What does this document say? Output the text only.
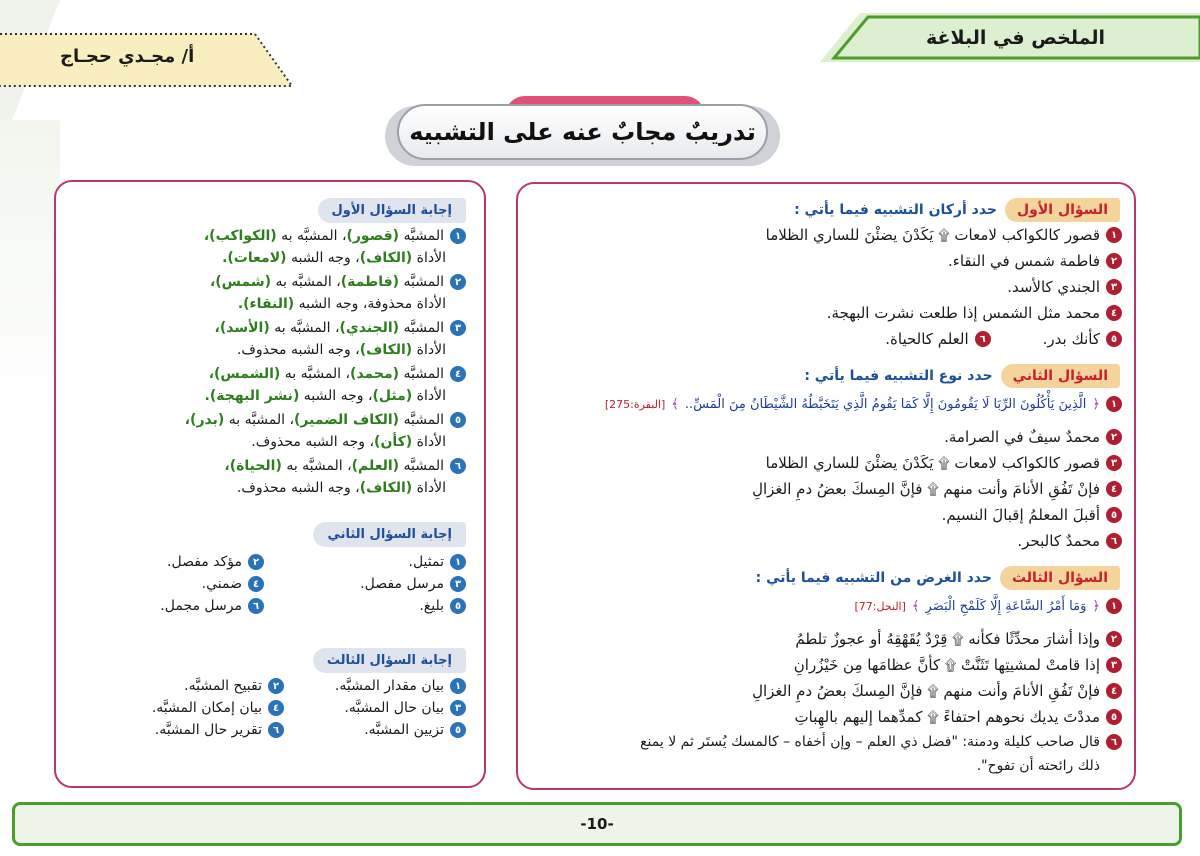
الملخص في البلاغة
أ/ مجـدي حجـاج
تدريبٌ مجابٌ عنه على التشبيه
السؤال الأول
حدد أركان التشبيه فيما يأتي :
١
قصور كالكواكب لامعات ۩ يَكَدْنَ يضئْنَ للساري الظلاما
٢
فاطمة شمس في النقاء.
٣
الجندي كالأسد.
٤
محمد مثل الشمس إذا طلعت نشرت البهجة.
٥
كأنك بدر.
٦
العلم كالحياة.
السؤال الثاني
حدد نوع التشبيه فيما يأتي :
١
﴿
الَّذِينَ يَأْكُلُونَ الرِّبَا لَا يَقُومُونَ إِلَّا كَمَا يَقُومُ الَّذِي يَتَخَبَّطُهُ الشَّيْطَانُ مِنَ الْمَسِّ..
﴾
[البقرة:275]
٢
محمدٌ سيفٌ في الصرامة.
٣
قصور كالكواكب لامعات ۩ يَكَدْنَ يضئْنَ للساري الظلاما
٤
فإنْ تَفُقِ الأنامَ وأنت منهم ۩ فإنَّ المِسكَ بعضُ دمِ الغزالِ
٥
أقبلَ المعلمُ إقبالَ النسيم.
٦
محمدٌ كالبحر.
السؤال الثالث
حدد الغرض من التشبيه فيما يأتي :
١
﴿
وَمَا أَمْرُ السَّاعَةِ إِلَّا كَلَمْحِ الْبَصَرِ
﴾
[النحل:77]
٢
وإذا أشارَ محدِّثًا فكأنه ۩ قِرْدٌ يُقَهْقِهُ أو عجوزٌ تلطمُ
٣
إذا قامتْ لمشيتِها تَثَنَّتْ ۩ كأنَّ عظامَها مِن خَيْزُرانِ
٤
فإنْ تَفُقِ الأنامَ وأنت منهم ۩ فإنَّ المِسكَ بعضُ دمِ الغزالِ
٥
مددْتَ يديك نحوهم احتفاءً ۩ كمدِّهما إليهم بالهِباتِ
٦
قال صاحب كليلة ودمنة: "فضل ذي العلم – وإن أخفاه – كالمسك يُستَر ثم لا يمنع
ذلك رائحته أن تفوح".
إجابة السؤال الأول
١
المشبَّه (قصور)، المشبَّه به (الكواكب)،
الأداة (الكاف)، وجه الشبه (لامعات).
٢
المشبَّه (فاطمة)، المشبَّه به (شمس)،
الأداة محذوفة، وجه الشبه (النقاء).
٣
المشبَّه (الجندي)، المشبَّه به (الأسد)،
الأداة (الكاف)، وجه الشبه محذوف.
٤
المشبَّه (محمد)، المشبَّه به (الشمس)،
الأداة (مثل)، وجه الشبه (نشر البهجة).
٥
المشبَّه (الكاف الضمير)، المشبَّه به (بدر)،
الأداة (كأن)، وجه الشبه محذوف.
٦
المشبَّه (العلم)، المشبَّه به (الحياة)،
الأداة (الكاف)، وجه الشبه محذوف.
إجابة السؤال الثاني
١
تمثيل.
٢
مؤكد مفصل.
٣
مرسل مفصل.
٤
ضمني.
٥
بليغ.
٦
مرسل مجمل.
إجابة السؤال الثالث
١
بيان مقدار المشبَّه.
٢
تقبيح المشبَّه.
٣
بيان حال المشبَّه.
٤
بيان إمكان المشبَّه.
٥
تزيين المشبَّه.
٦
تقرير حال المشبَّه.
-10-
